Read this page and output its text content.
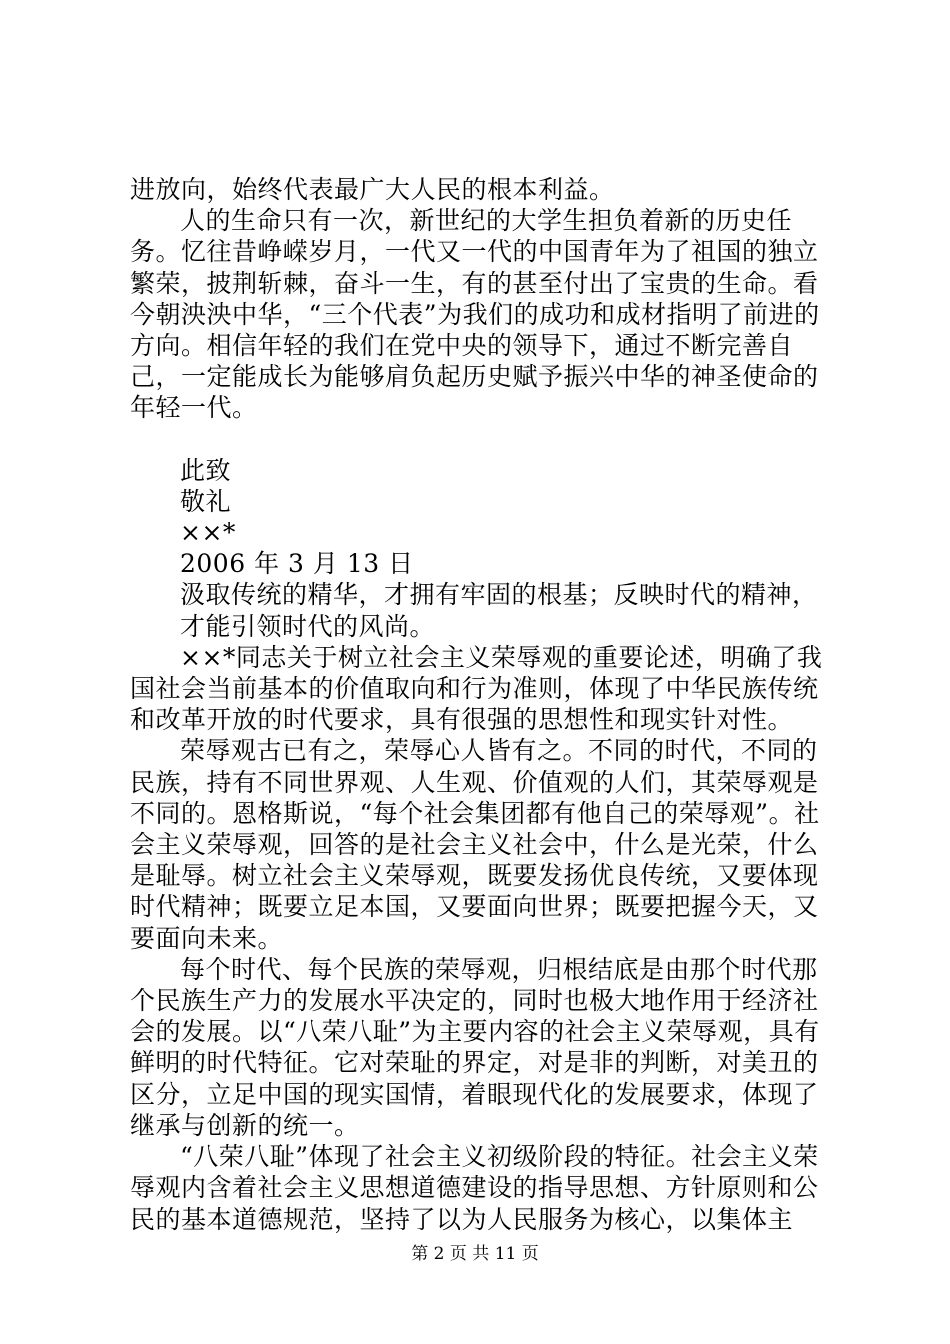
进放向，始终代表最广大人民的根本利益。

人的生命只有一次，新世纪的大学生担负着新的历史任务。忆往昔峥嵘岁月，一代又一代的中国青年为了祖国的独立繁荣，披荆斩棘，奋斗一生，有的甚至付出了宝贵的生命。看今朝泱泱中华，“三个代表”为我们的成功和成材指明了前进的方向。相信年轻的我们在党中央的领导下，通过不断完善自己，一定能成长为能够肩负起历史赋予振兴中华的神圣使命的年轻一代。

此致

敬礼

××*

2006 年 3 月 13 日

汲取传统的精华，才拥有牢固的根基；反映时代的精神，才能引领时代的风尚。

××*同志关于树立社会主义荣辱观的重要论述，明确了我国社会当前基本的价值取向和行为准则，体现了中华民族传统和改革开放的时代要求，具有很强的思想性和现实针对性。

荣辱观古已有之，荣辱心人皆有之。不同的时代，不同的民族，持有不同世界观、人生观、价值观的人们，其荣辱观是不同的。恩格斯说，“每个社会集团都有他自己的荣辱观”。社会主义荣辱观，回答的是社会主义社会中，什么是光荣，什么是耻辱。树立社会主义荣辱观，既要发扬优良传统，又要体现时代精神；既要立足本国，又要面向世界；既要把握今天，又要面向未来。

每个时代、每个民族的荣辱观，归根结底是由那个时代那个民族生产力的发展水平决定的，同时也极大地作用于经济社会的发展。以“八荣八耻”为主要内容的社会主义荣辱观，具有鲜明的时代特征。它对荣耻的界定，对是非的判断，对美丑的区分，立足中国的现实国情，着眼现代化的发展要求，体现了继承与创新的统一。

“八荣八耻”体现了社会主义初级阶段的特征。社会主义荣辱观内含着社会主义思想道德建设的指导思想、方针原则和公民的基本道德规范，坚持了以为人民服务为核心，以集体主

第 2 页 共 11 页
